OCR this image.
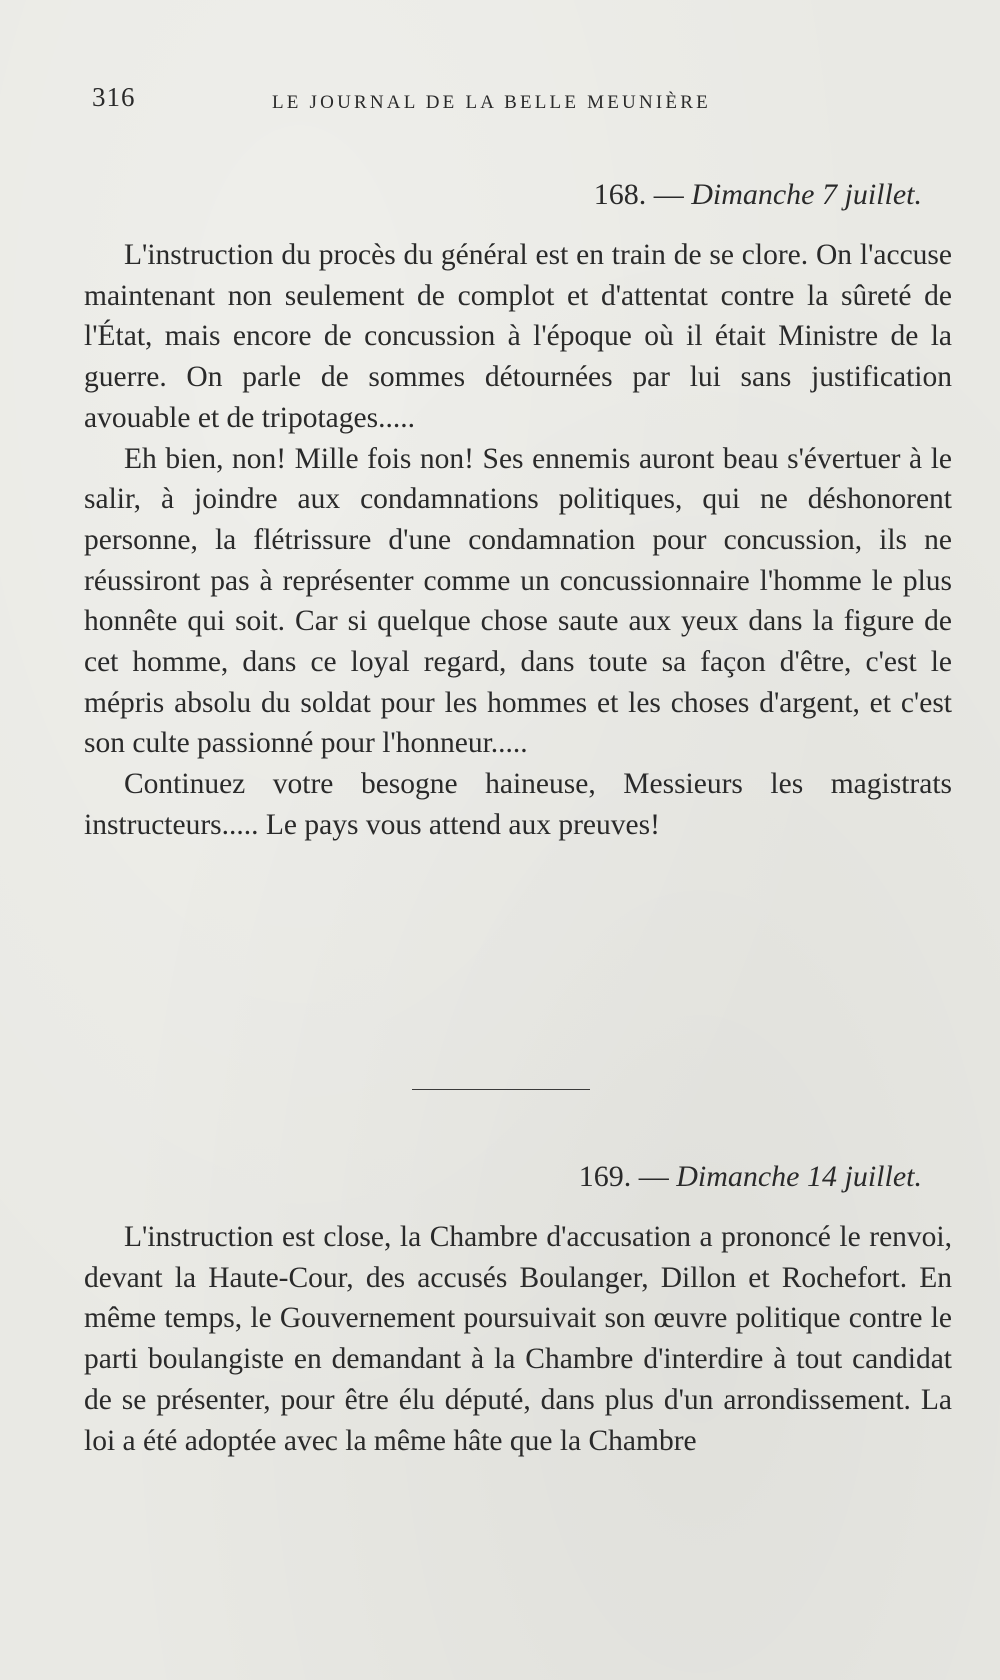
316	LE JOURNAL DE LA BELLE MEUNIÈRE
168. — Dimanche 7 juillet.

L'instruction du procès du général est en train de se clore. On l'accuse maintenant non seulement de complot et d'attentat contre la sûreté de l'État, mais encore de concussion à l'époque où il était Ministre de la guerre. On parle de sommes détournées par lui sans justification avouable et de tripotages.....

Eh bien, non! Mille fois non! Ses ennemis auront beau s'évertuer à le salir, à joindre aux condamnations politiques, qui ne déshonorent personne, la flétrissure d'une condamnation pour concussion, ils ne réussiront pas à représenter comme un concussionnaire l'homme le plus honnête qui soit. Car si quelque chose saute aux yeux dans la figure de cet homme, dans ce loyal regard, dans toute sa façon d'être, c'est le mépris absolu du soldat pour les hommes et les choses d'argent, et c'est son culte passionné pour l'honneur.....

Continuez votre besogne haineuse, Messieurs les magistrats instructeurs..... Le pays vous attend aux preuves!

169. — Dimanche 14 juillet.

L'instruction est close, la Chambre d'accusation a prononcé le renvoi, devant la Haute-Cour, des accusés Boulanger, Dillon et Rochefort. En même temps, le Gouvernement poursuivait son œuvre politique contre le parti boulangiste en demandant à la Chambre d'interdire à tout candidat de se présenter, pour être élu député, dans plus d'un arrondissement. La loi a été adoptée avec la même hâte que la Chambre
